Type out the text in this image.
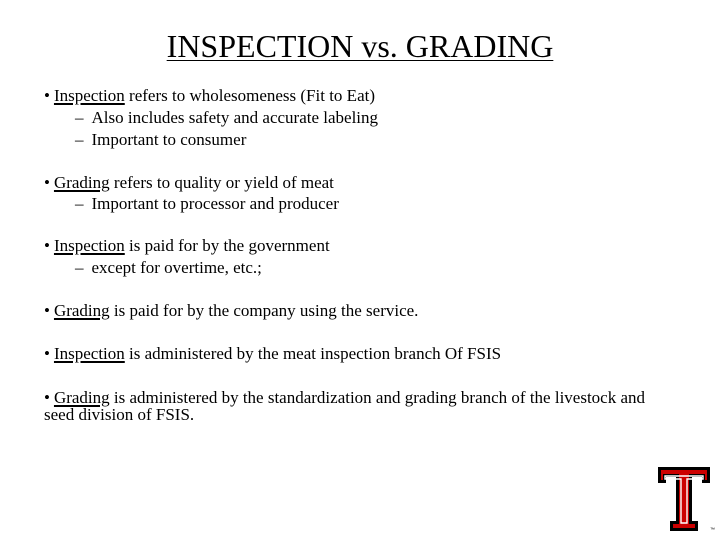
INSPECTION vs. GRADING
• Inspection refers to wholesomeness (Fit to Eat)
– Also includes safety and accurate labeling
– Important to consumer
• Grading refers to quality or yield of meat
– Important to processor and producer
• Inspection is paid for by the government
– except for overtime, etc.;
• Grading is paid for by the company using the service.
• Inspection is administered by the meat inspection branch Of FSIS
• Grading is administered by the standardization and grading branch of the livestock and seed division of FSIS.
™
